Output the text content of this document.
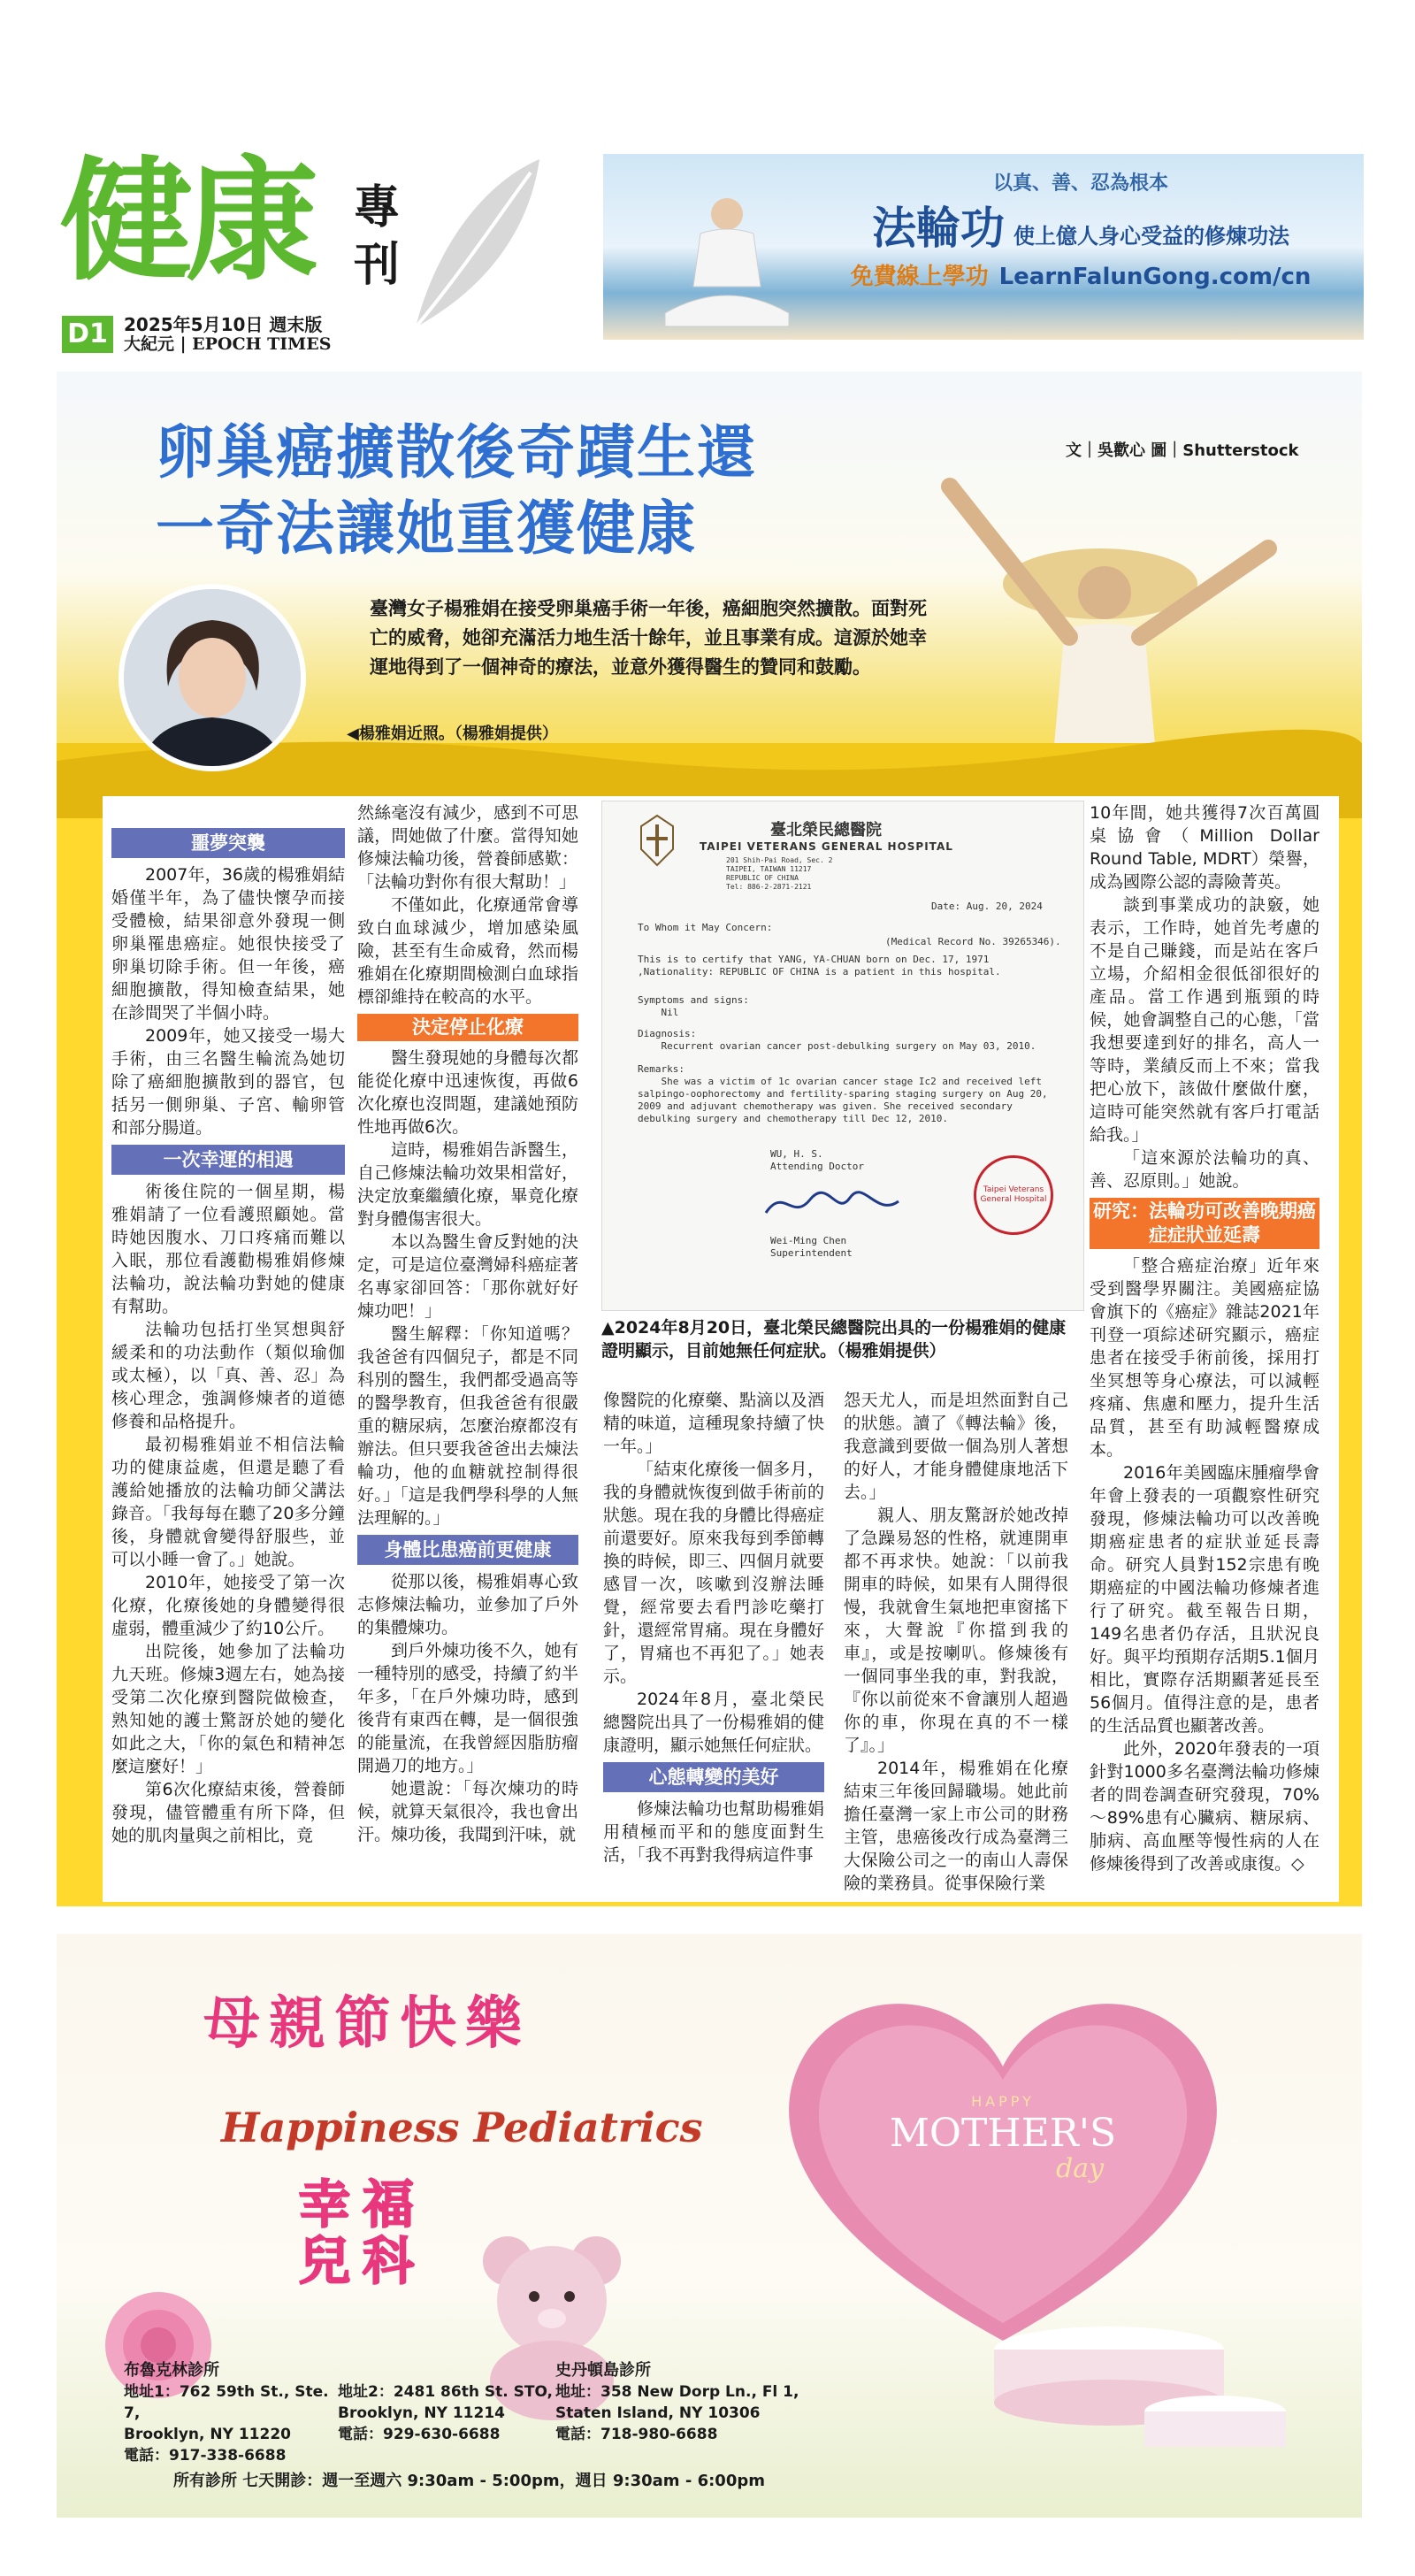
健康 專
刊
D1 2025年5月10日 週末版
大紀元 | EPOCH TIMES
以真、善、忍為根本
法輪功 使上億人身心受益的修煉功法
免費線上學功 LearnFalunGong.com/cn
卵巢癌擴散後奇蹟生還
一奇法讓她重獲健康
文｜吳歡心 圖｜Shutterstock
臺灣女子楊雅娟在接受卵巢癌手術一年後，癌細胞突然擴散。面對死亡的威脅，她卻充滿活力地生活十餘年，並且事業有成。這源於她幸運地得到了一個神奇的療法，並意外獲得醫生的贊同和鼓勵。
◀楊雅娟近照。（楊雅娟提供）
噩夢突襲

2007年，36歲的楊雅娟結婚僅半年，為了儘快懷孕而接受體檢，結果卻意外發現一側卵巢罹患癌症。她很快接受了卵巢切除手術。但一年後，癌細胞擴散，得知檢查結果，她在診間哭了半個小時。

2009年，她又接受一場大手術，由三名醫生輪流為她切除了癌細胞擴散到的器官，包括另一側卵巢、子宮、輸卵管和部分腸道。

一次幸運的相遇

術後住院的一個星期，楊雅娟請了一位看護照顧她。當時她因腹水、刀口疼痛而難以入眠，那位看護勸楊雅娟修煉法輪功，說法輪功對她的健康有幫助。

法輪功包括打坐冥想與舒緩柔和的功法動作（類似瑜伽或太極），以「真、善、忍」為核心理念，強調修煉者的道德修養和品格提升。

最初楊雅娟並不相信法輪功的健康益處，但還是聽了看護給她播放的法輪功師父講法錄音。「我每每在聽了20多分鐘後，身體就會變得舒服些，並可以小睡一會了。」她說。

2010年，她接受了第一次化療，化療後她的身體變得很虛弱，體重減少了約10公斤。

出院後，她參加了法輪功九天班。修煉3週左右，她為接受第二次化療到醫院做檢查，熟知她的護士驚訝於她的變化如此之大，「你的氣色和精神怎麼這麼好！」

第6次化療結束後，營養師發現，儘管體重有所下降，但她的肌肉量與之前相比，竟

然絲毫沒有減少，感到不可思議，問她做了什麼。當得知她修煉法輪功後，營養師感歎：「法輪功對你有很大幫助！」

不僅如此，化療通常會導致白血球減少，增加感染風險，甚至有生命威脅，然而楊雅娟在化療期間檢測白血球指標卻維持在較高的水平。

決定停止化療

醫生發現她的身體每次都能從化療中迅速恢復，再做6次化療也沒問題，建議她預防性地再做6次。

這時，楊雅娟告訴醫生，自己修煉法輪功效果相當好，決定放棄繼續化療，畢竟化療對身體傷害很大。

本以為醫生會反對她的決定，可是這位臺灣婦科癌症著名專家卻回答：「那你就好好煉功吧！」

醫生解釋：「你知道嗎？我爸爸有四個兒子，都是不同科別的醫生，我們都受過高等的醫學教育，但我爸爸有很嚴重的糖尿病，怎麼治療都沒有辦法。但只要我爸爸出去煉法輪功，他的血糖就控制得很好。」「這是我們學科學的人無法理解的。」

身體比患癌前更健康

從那以後，楊雅娟專心致志修煉法輪功，並參加了戶外的集體煉功。

到戶外煉功後不久，她有一種特別的感受，持續了約半年多，「在戶外煉功時，感到後背有東西在轉，是一個很強的能量流，在我曾經因脂肪瘤開過刀的地方。」

她還說：「每次煉功的時候，就算天氣很冷，我也會出汗。煉功後，我聞到汗味，就

臺北榮民總醫院
TAIPEI VETERANS GENERAL HOSPITAL
201 Shih-Pai Road, Sec. 2
TAIPEI, TAIWAN 11217
REPUBLIC OF CHINA
Tel: 886-2-2871-2121
Date: Aug. 20, 2024
To Whom it May Concern:
(Medical Record No. 39265346).
This is to certify that YANG, YA-CHUAN born on Dec. 17, 1971 ,Nationality: REPUBLIC OF CHINA is a patient in this hospital.
Symptoms and signs:
Nil
Diagnosis:
Recurrent ovarian cancer post-debulking surgery on May 03, 2010.
Remarks:
She was a victim of 1c ovarian cancer stage Ic2 and received left salpingo-oophorectomy and fertility-sparing staging surgery on Aug 20, 2009 and adjuvant chemotherapy was given. She received secondary debulking surgery and chemotherapy till Dec 12, 2010.
WU, H. S.
Attending Doctor
Wei-Ming Chen
Superintendent
Taipei Veterans General Hospital
▲2024年8月20日，臺北榮民總醫院出具的一份楊雅娟的健康證明顯示，目前她無任何症狀。（楊雅娟提供）

像醫院的化療藥、點滴以及酒精的味道，這種現象持續了快一年。」

「結束化療後一個多月，我的身體就恢復到做手術前的狀態。現在我的身體比得癌症前還要好。原來我每到季節轉換的時候，即三、四個月就要感冒一次，咳嗽到沒辦法睡覺，經常要去看門診吃藥打針，還經常胃痛。現在身體好了，胃痛也不再犯了。」她表示。

2024年8月，臺北榮民總醫院出具了一份楊雅娟的健康證明，顯示她無任何症狀。

心態轉變的美好

修煉法輪功也幫助楊雅娟用積極而平和的態度面對生活，「我不再對我得病這件事

怨天尤人，而是坦然面對自己的狀態。讀了《轉法輪》後，我意識到要做一個為別人著想的好人，才能身體健康地活下去。」

親人、朋友驚訝於她改掉了急躁易怒的性格，就連開車都不再求快。她說：「以前我開車的時候，如果有人開得很慢，我就會生氣地把車窗搖下來，大聲說『你擋到我的車』，或是按喇叭。修煉後有一個同事坐我的車，對我說，『你以前從來不會讓別人超過你的車，你現在真的不一樣了』。」

2014年，楊雅娟在化療結束三年後回歸職場。她此前擔任臺灣一家上市公司的財務主管，患癌後改行成為臺灣三大保險公司之一的南山人壽保險的業務員。從事保險行業

10年間，她共獲得7次百萬圓桌協會（Million Dollar Round Table, MDRT）榮譽，成為國際公認的壽險菁英。

談到事業成功的訣竅，她表示，工作時，她首先考慮的不是自己賺錢，而是站在客戶立場，介紹相金很低卻很好的產品。當工作遇到瓶頸的時候，她會調整自己的心態，「當我想要達到好的排名，高人一等時，業績反而上不來；當我把心放下，該做什麼做什麼，這時可能突然就有客戶打電話給我。」

「這來源於法輪功的真、善、忍原則。」她說。

研究：法輪功可改善晚期癌症症狀並延壽

「整合癌症治療」近年來受到醫學界關注。美國癌症協會旗下的《癌症》雜誌2021年刊登一項綜述研究顯示，癌症患者在接受手術前後，採用打坐冥想等身心療法，可以減輕疼痛、焦慮和壓力，提升生活品質，甚至有助減輕醫療成本。

2016年美國臨床腫瘤學會年會上發表的一項觀察性研究發現，修煉法輪功可以改善晚期癌症患者的症狀並延長壽命。研究人員對152宗患有晚期癌症的中國法輪功修煉者進行了研究。截至報告日期，149名患者仍存活，且狀況良好。與平均預期存活期5.1個月相比，實際存活期顯著延長至56個月。值得注意的是，患者的生活品質也顯著改善。

此外，2020年發表的一項針對1000多名臺灣法輪功修煉者的問卷調查研究發現，70%～89%患有心臟病、糖尿病、肺病、高血壓等慢性病的人在修煉後得到了改善或康復。◇

HAPPY
MOTHER'S
day
母親節快樂
Happiness Pediatrics
幸福
兒科
布魯克林診所
地址1：762 59th St., Ste. 7,
Brooklyn, NY 11220
電話：917-338-6688
地址2：2481 86th St. STO,
Brooklyn, NY 11214
電話：929-630-6688
史丹頓島診所
地址：358 New Dorp Ln., Fl 1,
Staten Island, NY 10306
電話：718-980-6688
所有診所 七天開診：週一至週六 9:30am - 5:00pm，週日 9:30am - 6:00pm
